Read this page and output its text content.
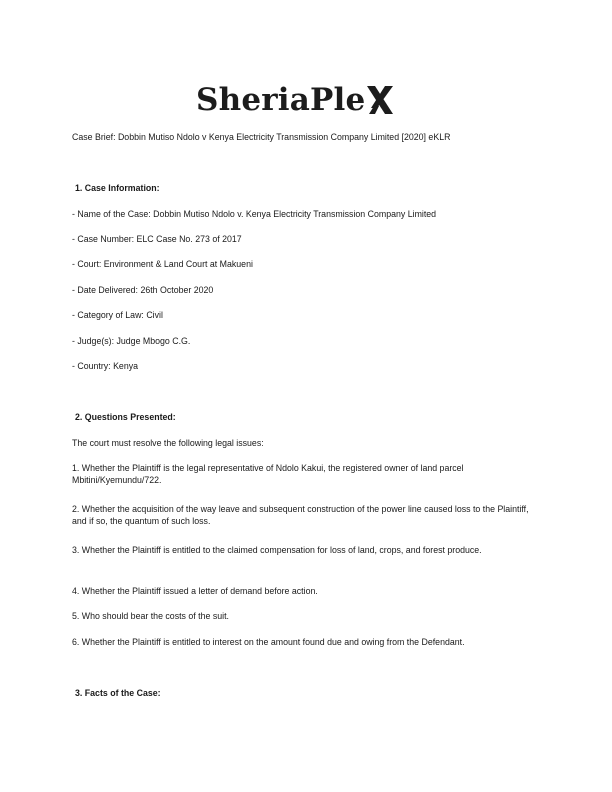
SheriaPle
Case Brief: Dobbin Mutiso Ndolo v Kenya Electricity Transmission Company Limited [2020] eKLR
1. Case Information:
- Name of the Case: Dobbin Mutiso Ndolo v. Kenya Electricity Transmission Company Limited
- Case Number: ELC Case No. 273 of 2017
- Court: Environment & Land Court at Makueni
- Date Delivered: 26th October 2020
- Category of Law: Civil
- Judge(s): Judge Mbogo C.G.
- Country: Kenya
2. Questions Presented:
The court must resolve the following legal issues:
1. Whether the Plaintiff is the legal representative of Ndolo Kakui, the registered owner of land parcel Mbitini/Kyemundu/722.
2. Whether the acquisition of the way leave and subsequent construction of the power line caused loss to the Plaintiff, and if so, the quantum of such loss.
3. Whether the Plaintiff is entitled to the claimed compensation for loss of land, crops, and forest produce.
4. Whether the Plaintiff issued a letter of demand before action.
5. Who should bear the costs of the suit.
6. Whether the Plaintiff is entitled to interest on the amount found due and owing from the Defendant.
3. Facts of the Case:
